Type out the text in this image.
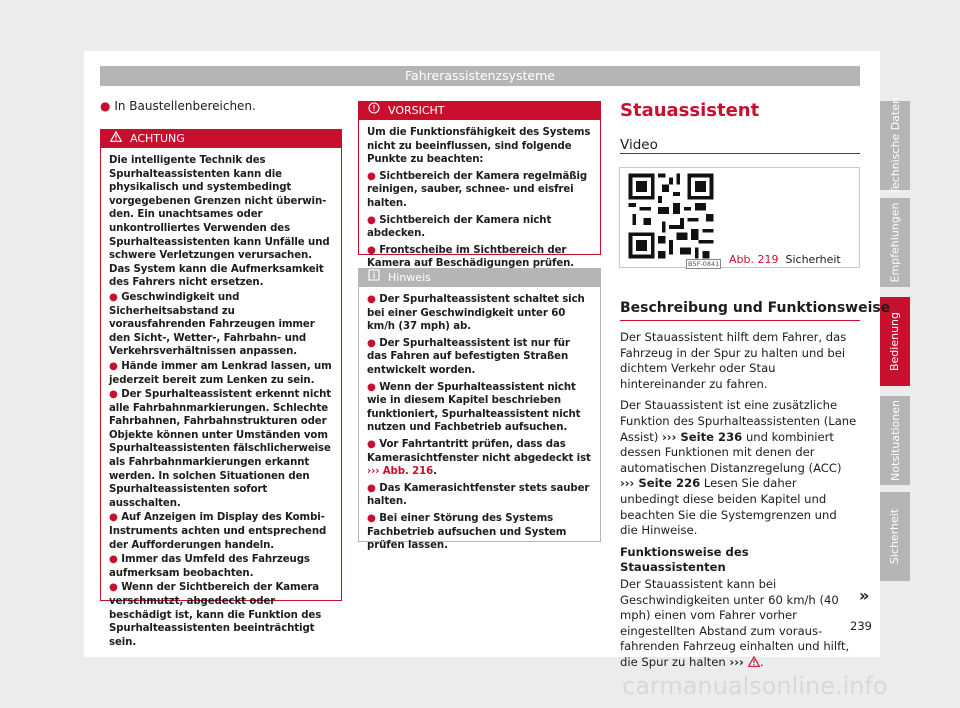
Fahrerassistenzsysteme
Technische Daten
Empfehlungen
Bedienung
Notsituationen
Sicherheit
● In Baustellenbereichen.
ACHTUNG

Die intelligente Technik des Spurhalteassistenten kann die physikalisch und systembedingt vorgegebenen Grenzen nicht überwinden. Ein unachtsames oder unkontrolliertes Verwenden des Spurhalteassistenten kann Unfälle und schwere Verletzungen verursachen. Das System kann die Aufmerksamkeit des Fahrers nicht ersetzen.

● Geschwindigkeit und Sicherheitsabstand zu vorausfahrenden Fahrzeugen immer den Sicht-, Wetter-, Fahrbahn- und Verkehrsverhältnissen anpassen.

● Hände immer am Lenkrad lassen, um jederzeit bereit zum Lenken zu sein.

● Der Spurhalteassistent erkennt nicht alle Fahrbahnmarkierungen. Schlechte Fahrbahnen, Fahrbahnstrukturen oder Objekte können unter Umständen vom Spurhalteassistenten fälschlicherweise als Fahrbahnmarkierungen erkannt werden. In solchen Situationen den Spurhalteassistenten sofort ausschalten.

● Auf Anzeigen im Display des Kombi-Instruments achten und entsprechend der Aufforderungen handeln.

● Immer das Umfeld des Fahrzeugs aufmerksam beobachten.

● Wenn der Sichtbereich der Kamera verschmutzt, abgedeckt oder beschädigt ist, kann die Funktion des Spurhalteassistenten beeinträchtigt sein.

VORSICHT

Um die Funktionsfähigkeit des Systems nicht zu beeinflussen, sind folgende Punkte zu beachten:

● Sichtbereich der Kamera regelmäßig reinigen, sauber, schnee- und eisfrei halten.

● Sichtbereich der Kamera nicht abdecken.

● Frontscheibe im Sichtbereich der Kamera auf Beschädigungen prüfen.

Hinweis

● Der Spurhalteassistent schaltet sich bei einer Geschwindigkeit unter 60 km/h (37 mph) ab.

● Der Spurhalteassistent ist nur für das Fahren auf befestigten Straßen entwickelt worden.

● Wenn der Spurhalteassistent nicht wie in diesem Kapitel beschrieben funktioniert, Spurhalteassistent nicht nutzen und Fachbetrieb aufsuchen.

● Vor Fahrtantritt prüfen, dass das Kamerasichtfenster nicht abgedeckt ist ››› Abb. 216.

● Das Kamerasichtfenster stets sauber halten.

● Bei einer Störung des Systems Fachbetrieb aufsuchen und System prüfen lassen.

Stauassistent
Video
B5F-0841 Abb. 219 Sicherheit
Beschreibung und Funktionsweise

Der Stauassistent hilft dem Fahrer, das Fahrzeug in der Spur zu halten und bei dichtem Verkehr oder Stau hintereinander zu fahren.

Der Stauassistent ist eine zusätzliche Funktion des Spurhalteassistenten (Lane Assist) ››› Seite 236 und kombiniert dessen Funktionen mit denen der automatischen Distanzregelung (ACC) ››› Seite 226 Lesen Sie daher unbedingt diese beiden Kapitel und beachten Sie die Systemgrenzen und die Hinweise.

Funktionsweise des Stauassistenten

Der Stauassistent kann bei Geschwindigkeiten unter 60 km/h (40 mph) einen vom Fahrer vorher eingestellten Abstand zum vorausfahrenden Fahrzeug einhalten und hilft, die Spur zu halten ››› .

»
239
carmanualsonline.info
